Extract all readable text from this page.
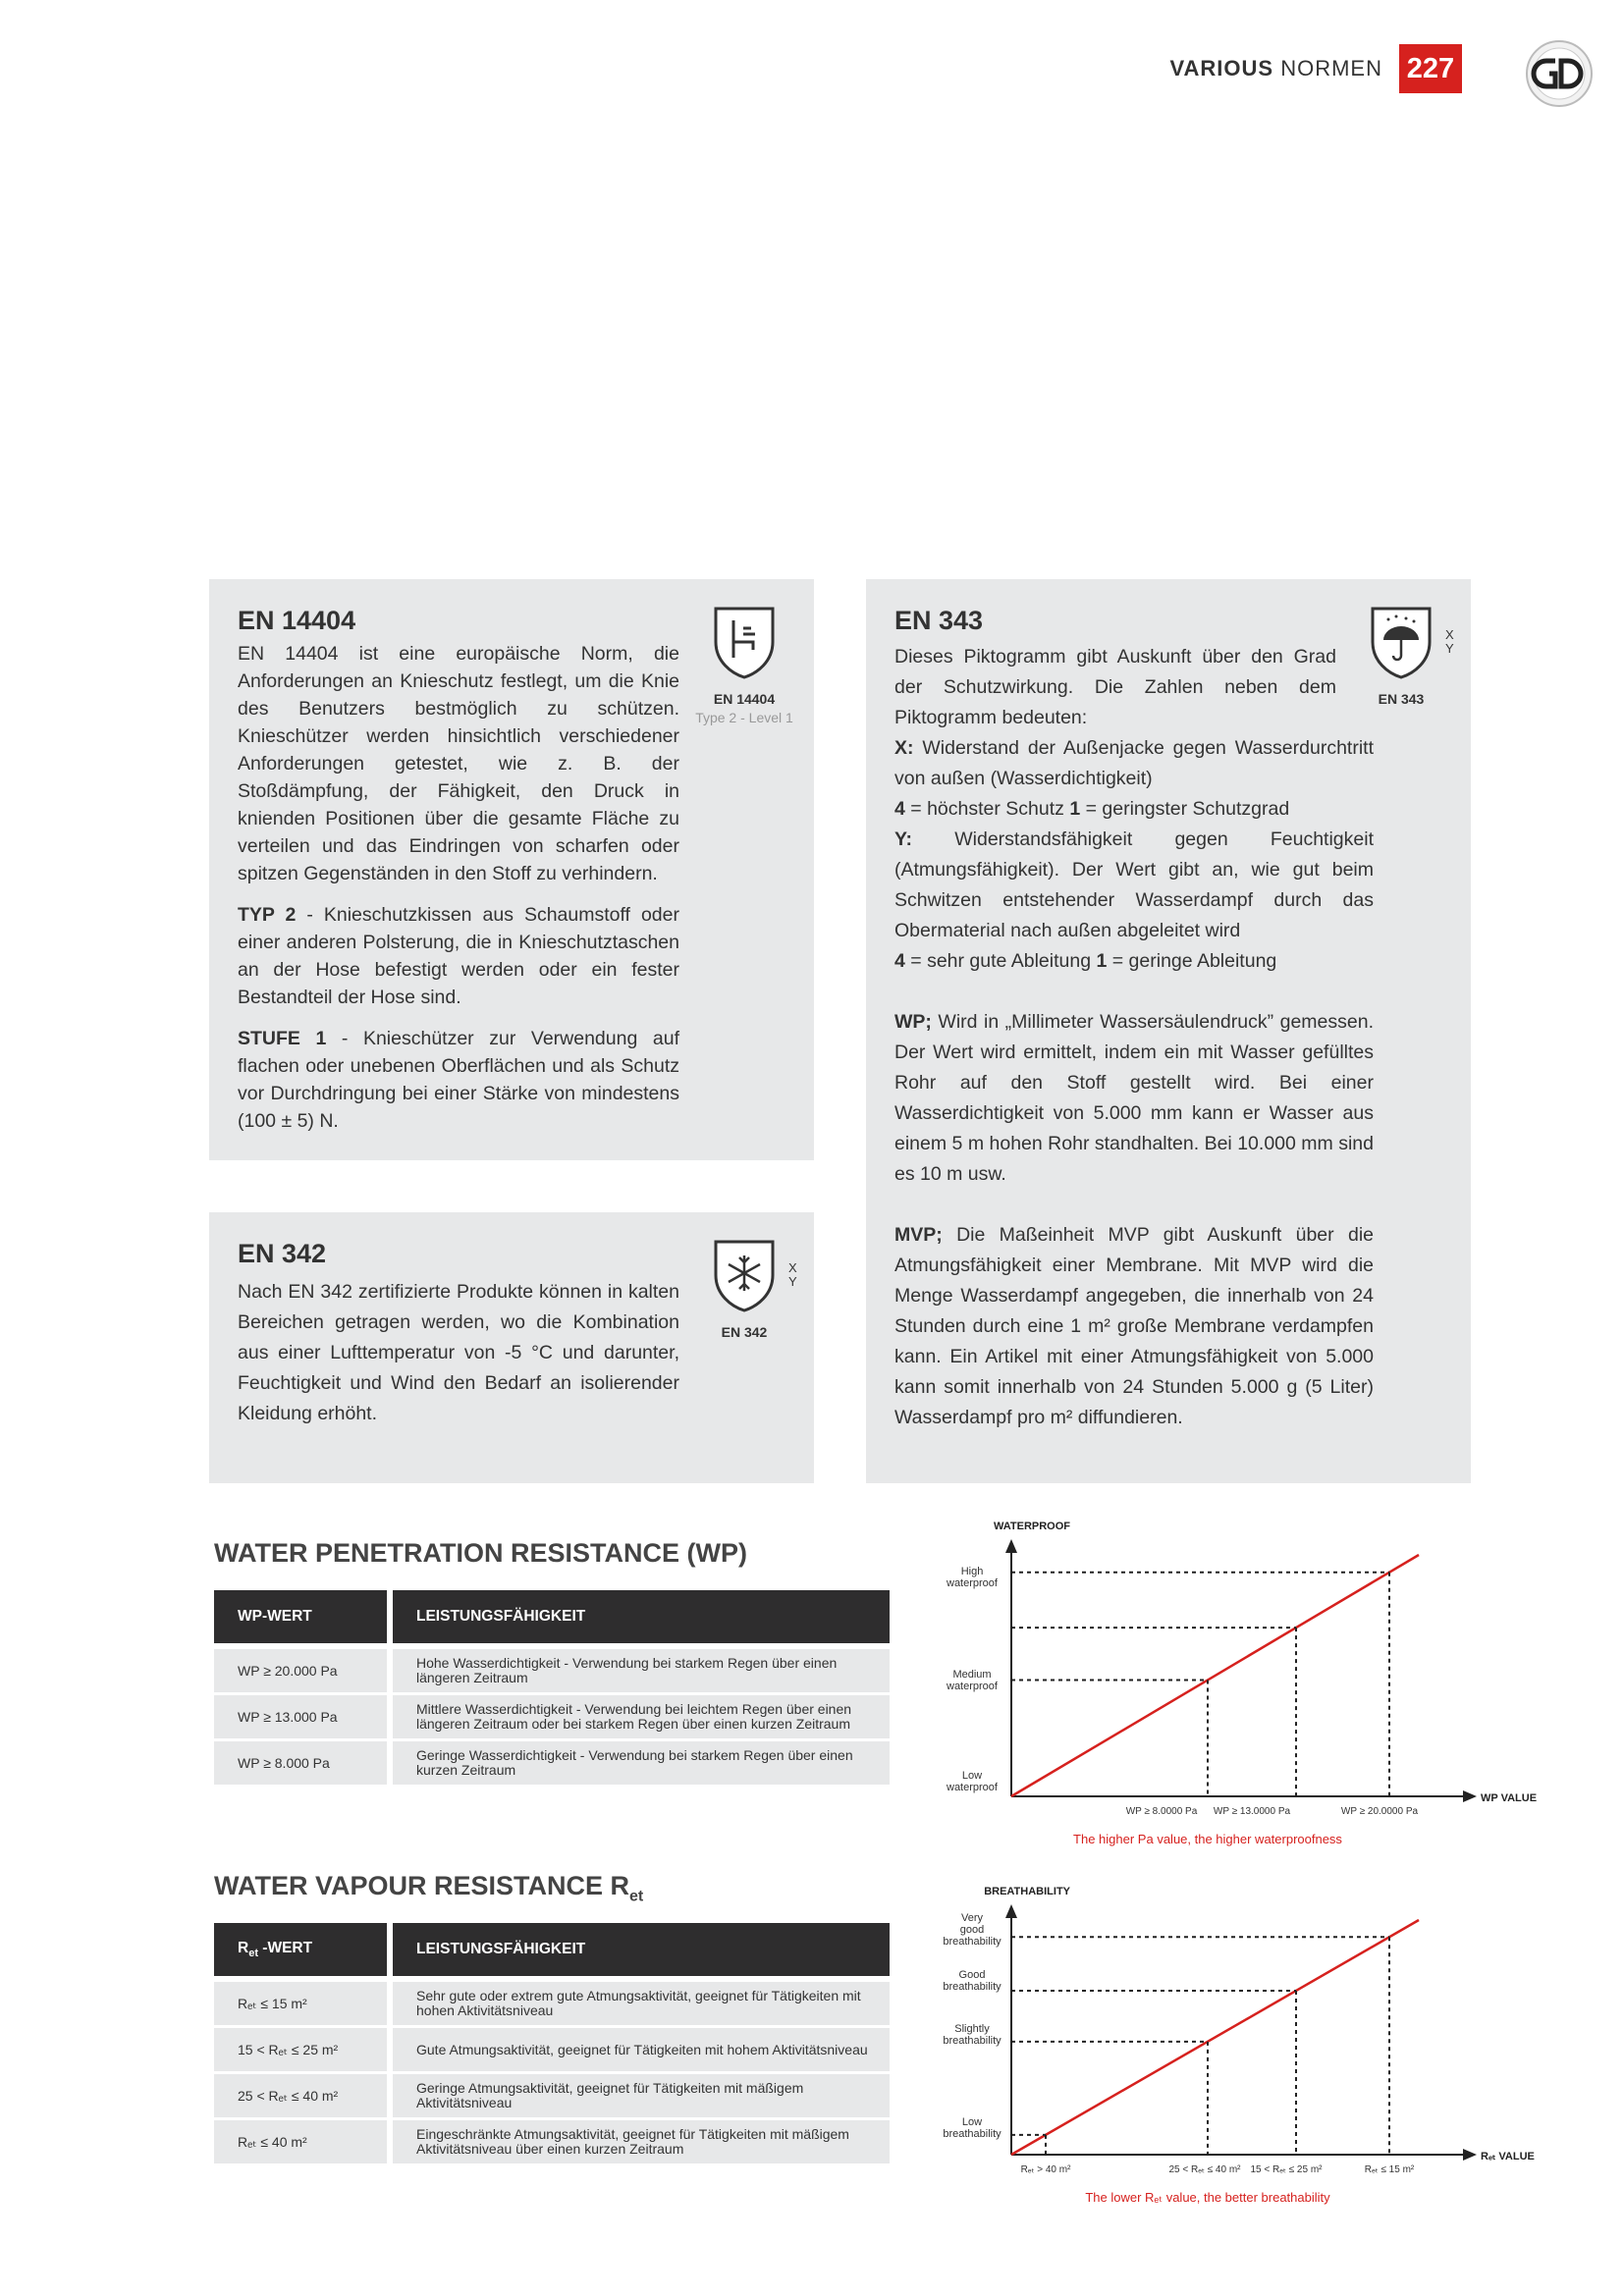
VARIOUS NORMEN 227
EN 14404
EN 14404
Type 2 - Level 1

EN 14404 ist eine europäische Norm, die Anforderungen an Knieschutz festlegt, um die Knie des Benutzers bestmöglich zu schützen. Knieschützer werden hinsichtlich verschiedener Anforderungen getestet, wie z. B. der Stoßdämpfung, der Fähigkeit, den Druck in knienden Positionen über die gesamte Fläche zu verteilen und das Eindringen von scharfen oder spitzen Gegenständen in den Stoff zu verhindern.

TYP 2 - Knieschutzkissen aus Schaumstoff oder einer anderen Polsterung, die in Knieschutztaschen an der Hose befestigt werden oder ein fester Bestandteil der Hose sind.

STUFE 1 - Knieschützer zur Verwendung auf flachen oder unebenen Oberflächen und als Schutz vor Durchdringung bei einer Stärke von mindestens (100 ± 5) N.

EN 342	X
Y
EN 342

Nach EN 342 zertifizierte Produkte können in kalten Bereichen getragen werden, wo die Kombination aus einer Lufttemperatur von -5 °C und darunter, Feuchtigkeit und Wind den Bedarf an isolierender Kleidung erhöht.

EN 343	X
Y
EN 343
Dieses Piktogramm gibt Auskunft über den Grad der Schutzwirkung. Die Zahlen neben dem Piktogramm bedeuten:
X: Widerstand der Außenjacke gegen Wasserdurchtritt von außen (Wasserdichtigkeit)
4 = höchster Schutz 1 = geringster Schutzgrad
Y: Widerstandsfähigkeit gegen Feuchtigkeit (Atmungsfähigkeit). Der Wert gibt an, wie gut beim Schwitzen entstehender Wasserdampf durch das Obermaterial nach außen abgeleitet wird
4 = sehr gute Ableitung 1 = geringe Ableitung
WP; Wird in „Millimeter Wassersäulendruck” gemessen. Der Wert wird ermittelt, indem ein mit Wasser gefülltes Rohr auf den Stoff gestellt wird. Bei einer Wasserdichtigkeit von 5.000 mm kann er Wasser aus einem 5 m hohen Rohr standhalten. Bei 10.000 mm sind es 10 m usw.
MVP; Die Maßeinheit MVP gibt Auskunft über die Atmungsfähigkeit einer Membrane. Mit MVP wird die Menge Wasserdampf angegeben, die innerhalb von 24 Stunden durch eine 1 m² große Membrane verdampfen kann. Ein Artikel mit einer Atmungsfähigkeit von 5.000 kann somit innerhalb von 24 Stunden 5.000 g (5 Liter) Wasserdampf pro m² diffundieren.
WATER PENETRATION RESISTANCE (WP)
WP-WERT	LEISTUNGSFÄHIGKEIT
WP ≥ 20.000 Pa	Hohe Wasserdichtigkeit - Verwendung bei starkem Regen über einen längeren Zeitraum
WP ≥ 13.000 Pa	Mittlere Wasserdichtigkeit - Verwendung bei leichtem Regen über einen längeren Zeitraum oder bei starkem Regen über einen kurzen Zeitraum
WP ≥ 8.000 Pa	Geringe Wasserdichtigkeit - Verwendung bei starkem Regen über einen kurzen Zeitraum
WATER VAPOUR RESISTANCE $R_{et}$
$R_{et}$ -WERT	LEISTUNGSFÄHIGKEIT
Rₑₜ ≤ 15 m²	Sehr gute oder extrem gute Atmungsaktivität, geeignet für Tätigkeiten mit hohen Aktivitätsniveau
15 < Rₑₜ ≤ 25 m²	Gute Atmungsaktivität, geeignet für Tätigkeiten mit hohem Aktivitätsniveau
25 < Rₑₜ ≤ 40 m²	Geringe Atmungsaktivität, geeignet für Tätigkeiten mit mäßigem Aktivitätsniveau
Rₑₜ ≤ 40 m²	Eingeschränkte Atmungsaktivität, geeignet für Tätigkeiten mit mäßigem Aktivitätsniveau über einen kurzen Zeitraum
WATERPROOF
WP VALUE
High waterproof
Medium waterproof
Low waterproof
WP ≥ 8.0000 Pa WP ≥ 13.0000 Pa	WP ≥ 20.0000 Pa
The higher Pa value, the higher waterproofness
BREATHABILITY
Rₑₜ VALUE
Very good breathability
Good breathability
Slightly breathability
Low breathability
Rₑₜ > 40 m²	25 < Rₑₜ ≤ 40 m² 15 < Rₑₜ ≤ 25 m²	Rₑₜ ≤ 15 m²
The lower Rₑₜ value, the better breathability
